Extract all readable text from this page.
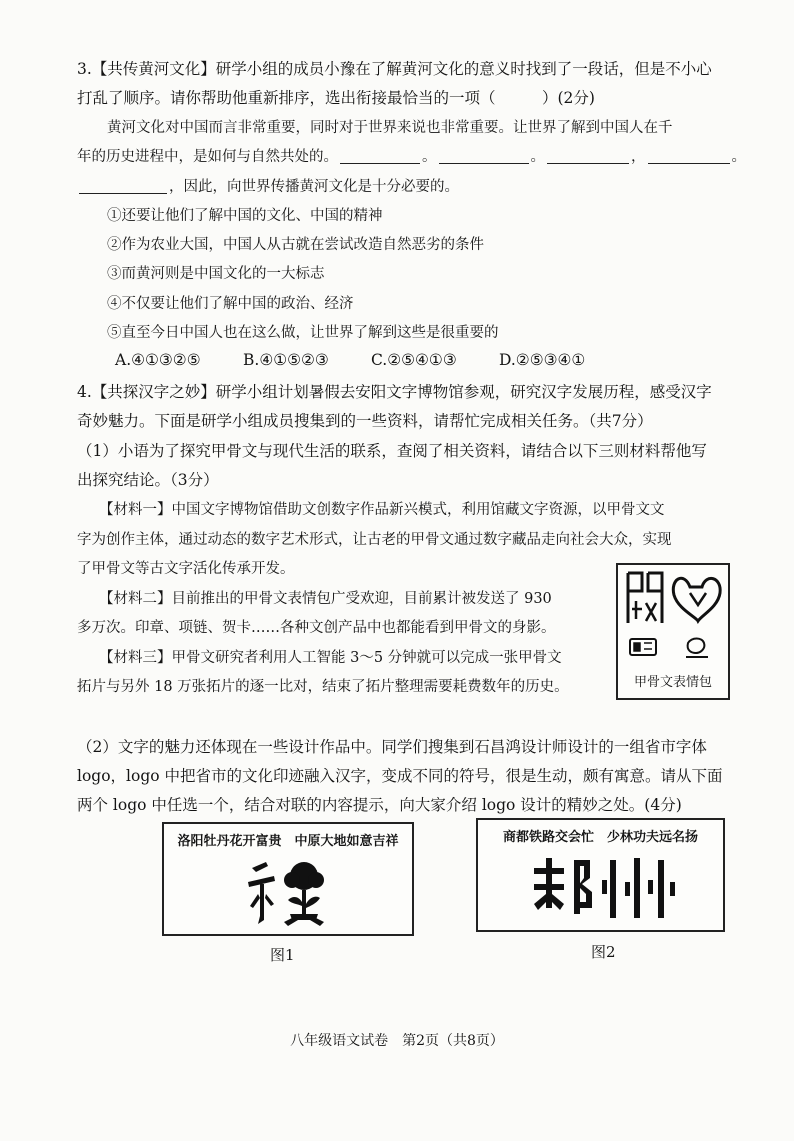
3.【共传黄河文化】研学小组的成员小豫在了解黄河文化的意义时找到了一段话，但是不小心
打乱了顺序。请你帮助他重新排序，选出衔接最恰当的一项（　　　）(2分)
黄河文化对中国而言非常重要，同时对于世界来说也非常重要。让世界了解到中国人在千
年的历史进程中，是如何与自然共处的。	。	。	，	。
，因此，向世界传播黄河文化是十分必要的。
①还要让他们了解中国的文化、中国的精神
②作为农业大国，中国人从古就在尝试改造自然恶劣的条件
③而黄河则是中国文化的一大标志
④不仅要让他们了解中国的政治、经济
⑤直至今日中国人也在这么做，让世界了解到这些是很重要的
A.④①③②⑤	B.④①⑤②③	C.②⑤④①③	D.②⑤③④①
4.【共探汉字之妙】研学小组计划暑假去安阳文字博物馆参观，研究汉字发展历程，感受汉字
奇妙魅力。下面是研学小组成员搜集到的一些资料，请帮忙完成相关任务。（共7分）
（1）小语为了探究甲骨文与现代生活的联系，查阅了相关资料，请结合以下三则材料帮他写
出探究结论。（3分）
【材料一】中国文字博物馆借助文创数字作品新兴模式，利用馆藏文字资源，以甲骨文文
字为创作主体，通过动态的数字艺术形式，让古老的甲骨文通过数字藏品走向社会大众，实现
了甲骨文等古文字活化传承开发。
【材料二】目前推出的甲骨文表情包广受欢迎，目前累计被发送了 930
多万次。印章、项链、贺卡……各种文创产品中也都能看到甲骨文的身影。
【材料三】甲骨文研究者利用人工智能 3～5 分钟就可以完成一张甲骨文
拓片与另外 18 万张拓片的逐一比对，结束了拓片整理需要耗费数年的历史。	甲骨文表情包
（2）文字的魅力还体现在一些设计作品中。同学们搜集到石昌鸿设计师设计的一组省市字体
logo，logo 中把省市的文化印迹融入汉字，变成不同的符号，很是生动，颇有寓意。请从下面
两个 logo 中任选一个，结合对联的内容提示，向大家介绍 logo 设计的精妙之处。(4分)
洛阳牡丹花开富贵　中原大地如意吉祥
图1
商都铁路交会忙　少林功夫远名扬
图2
八年级语文试卷　第2页（共8页）
